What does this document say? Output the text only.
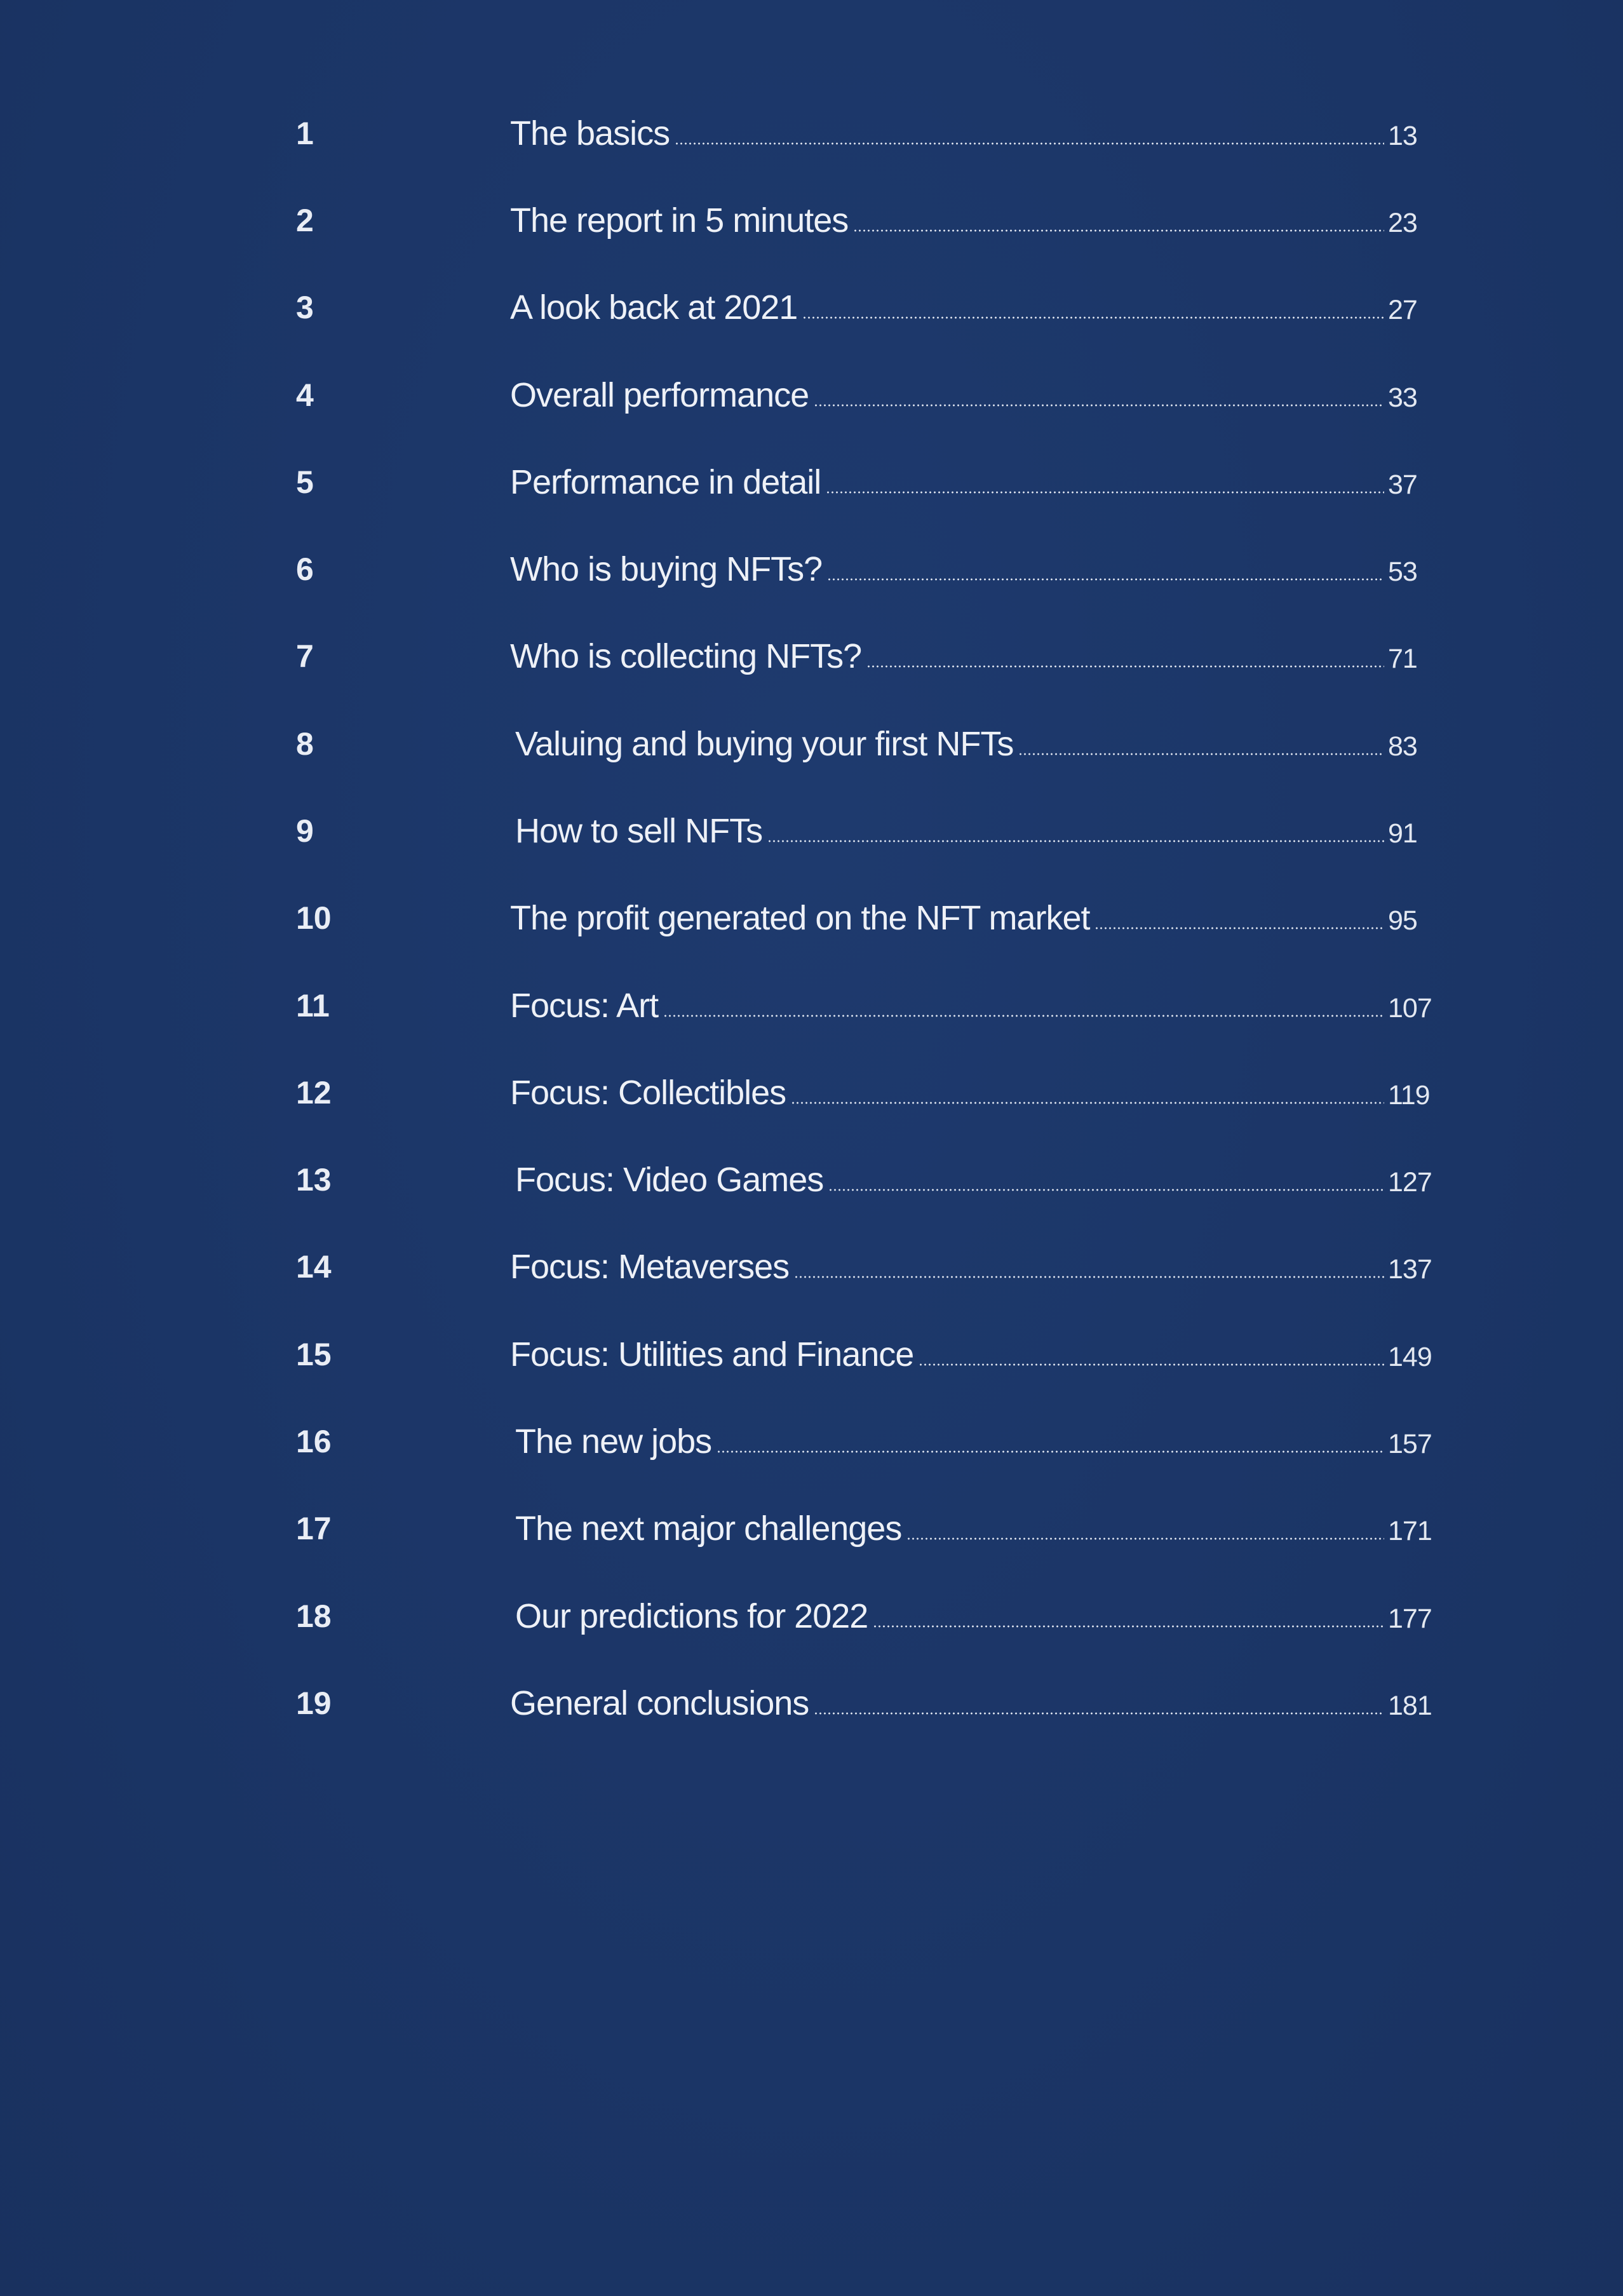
1	The basics	13
2	The report in 5 minutes	23
3	A look back at 2021	27
4	Overall performance	33
5	Performance in detail	37
6	Who is buying NFTs?	53
7	Who is collecting NFTs?	71
8	Valuing and buying your first NFTs	83
9	How to sell NFTs	91
10	The profit generated on the NFT market	95
11	Focus: Art	107
12	Focus: Collectibles	119
13	Focus: Video Games	127
14	Focus: Metaverses	137
15	Focus: Utilities and Finance	149
16	The new jobs	157
17	The next major challenges	171
18	Our predictions for 2022	177
19	General conclusions	181
